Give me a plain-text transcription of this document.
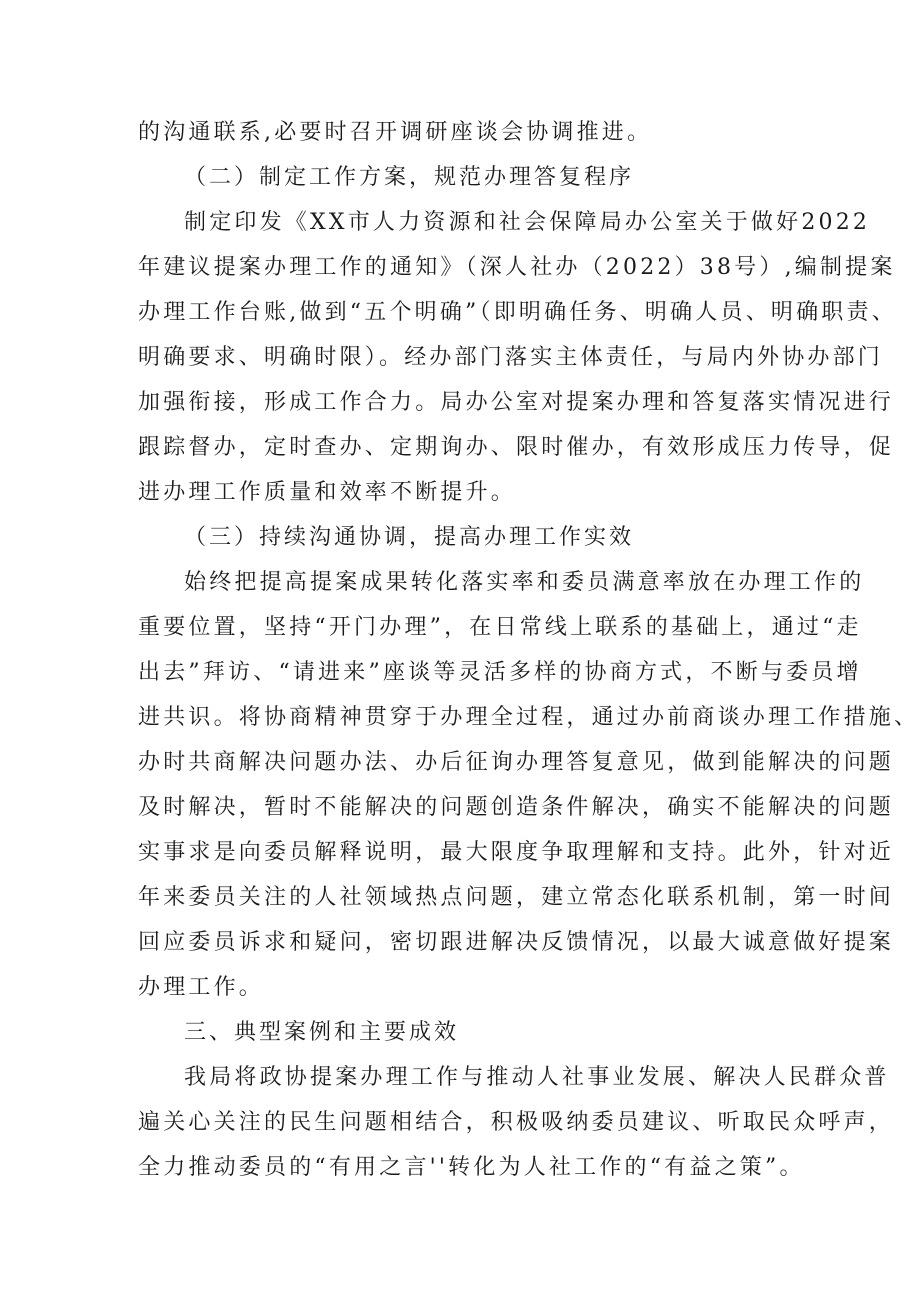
的沟通联系,必要时召开调研座谈会协调推进。
（二）制定工作方案，规范办理答复程序
制定印发《XX市人力资源和社会保障局办公室关于做好2022
年建议提案办理工作的通知》（深人社办（2022）38号）,编制提案
办理工作台账,做到“五个明确”（即明确任务、明确人员、明确职责、
明确要求、明确时限）。经办部门落实主体责任，与局内外协办部门
加强衔接，形成工作合力。局办公室对提案办理和答复落实情况进行
跟踪督办，定时查办、定期询办、限时催办，有效形成压力传导，促
进办理工作质量和效率不断提升。
（三）持续沟通协调，提高办理工作实效
始终把提高提案成果转化落实率和委员满意率放在办理工作的
重要位置，坚持“开门办理”，在日常线上联系的基础上，通过“走
出去”拜访、“请进来”座谈等灵活多样的协商方式，不断与委员增
进共识。将协商精神贯穿于办理全过程，通过办前商谈办理工作措施、
办时共商解决问题办法、办后征询办理答复意见，做到能解决的问题
及时解决，暂时不能解决的问题创造条件解决，确实不能解决的问题
实事求是向委员解释说明，最大限度争取理解和支持。此外，针对近
年来委员关注的人社领域热点问题，建立常态化联系机制，第一时间
回应委员诉求和疑问，密切跟进解决反馈情况，以最大诚意做好提案
办理工作。
三、典型案例和主要成效
我局将政协提案办理工作与推动人社事业发展、解决人民群众普
遍关心关注的民生问题相结合，积极吸纳委员建议、听取民众呼声，
全力推动委员的“有用之言''转化为人社工作的“有益之策”。
